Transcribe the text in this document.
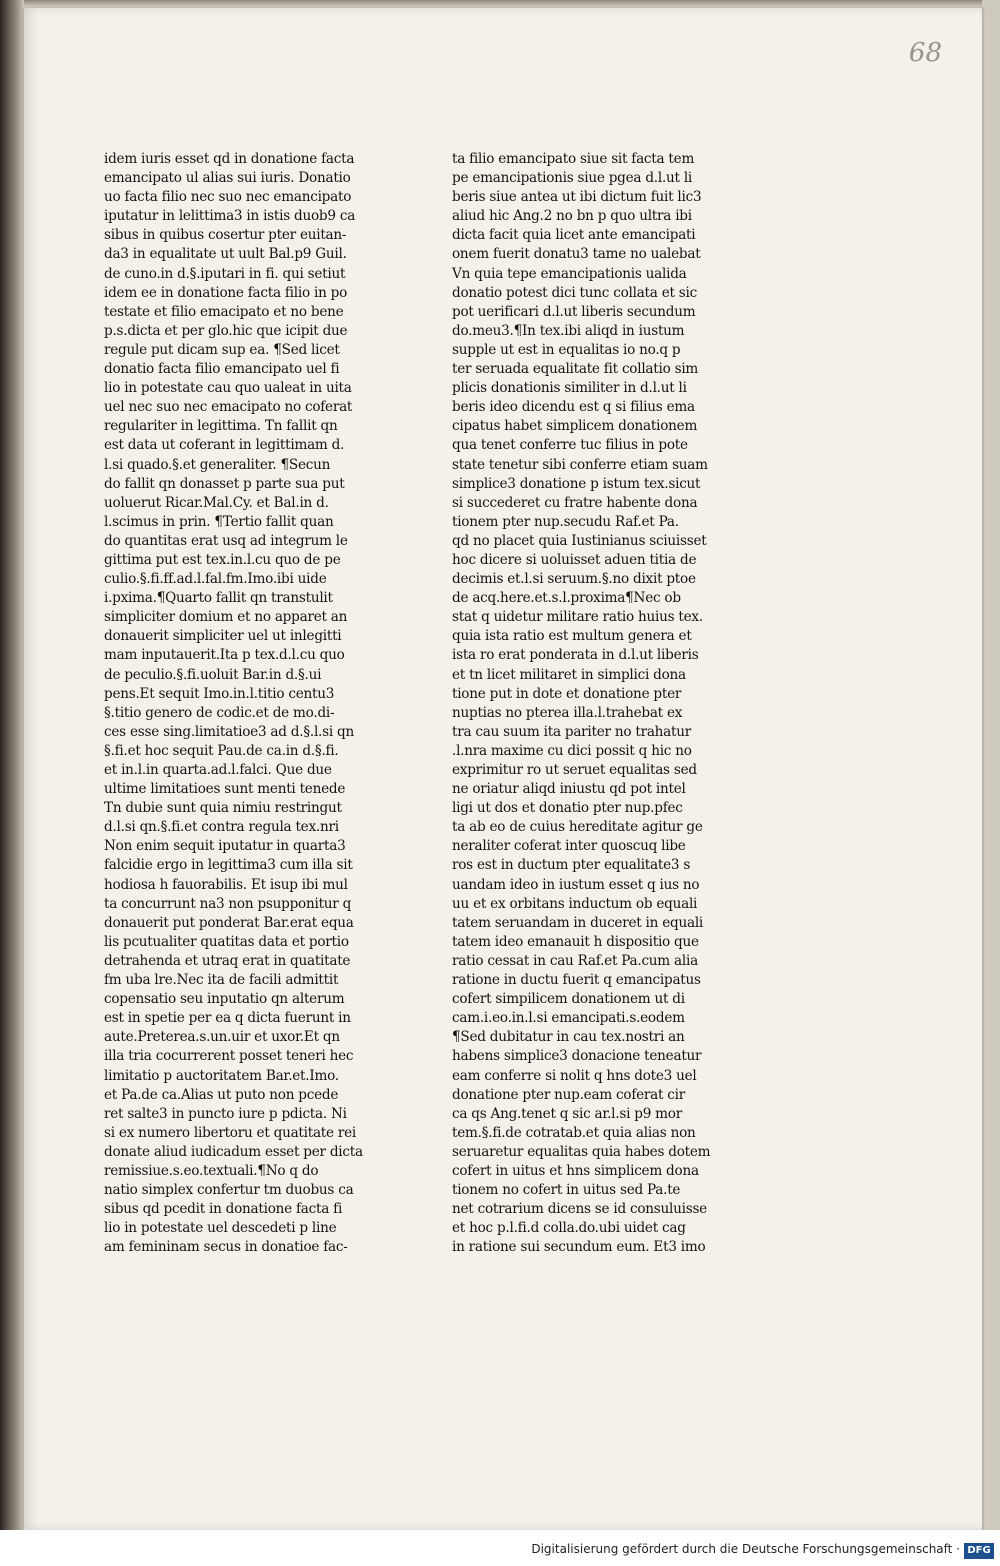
68
idem iuris esset qd in donatione facta
emancipato ul alias sui iuris. Donatio
uo facta filio nec suo nec emancipato
iputatur in lelittima3 in istis duob9 ca
sibus in quibus cosertur pter euitan-
da3 in equalitate ut uult Bal.p9 Guil.
de cuno.in d.§.iputari in fi. qui setiut
idem ee in donatione facta filio in po
testate et filio emacipato et no bene
p.s.dicta et per glo.hic que icipit due
regule put dicam sup ea. ¶Sed licet
donatio facta filio emancipato uel fi
lio in potestate cau quo ualeat in uita
uel nec suo nec emacipato no coferat
regulariter in legittima. Tn fallit qn
est data ut coferant in legittimam d.
l.si quado.§.et generaliter. ¶Secun
do fallit qn donasset p parte sua put
uoluerut Ricar.Mal.Cy. et Bal.in d.
l.scimus in prin. ¶Tertio fallit quan
do quantitas erat usq ad integrum le
gittima put est tex.in.l.cu quo de pe
culio.§.fi.ff.ad.l.fal.fm.Imo.ibi uide
i.pxima.¶Quarto fallit qn transtulit
simpliciter domium et no apparet an
donauerit simpliciter uel ut inlegitti
mam inputauerit.Ita p tex.d.l.cu quo
de peculio.§.fi.uoluit Bar.in d.§.ui
pens.Et sequit Imo.in.l.titio centu3
§.titio genero de codic.et de mo.di-
ces esse sing.limitatioe3 ad d.§.l.si qn
§.fi.et hoc sequit Pau.de ca.in d.§.fi.
et in.l.in quarta.ad.l.falci. Que due
ultime limitatioes sunt menti tenede
Tn dubie sunt quia nimiu restringut
d.l.si qn.§.fi.et contra regula tex.nri
Non enim sequit iputatur in quarta3
falcidie ergo in legittima3 cum illa sit
hodiosa h fauorabilis. Et isup ibi mul
ta concurrunt na3 non psupponitur q
donauerit put ponderat Bar.erat equa
lis pcutualiter quatitas data et portio
detrahenda et utraq erat in quatitate
fm uba lre.Nec ita de facili admittit
copensatio seu inputatio qn alterum
est in spetie per ea q dicta fuerunt in
aute.Preterea.s.un.uir et uxor.Et qn
illa tria cocurrerent posset teneri hec
limitatio p auctoritatem Bar.et.Imo.
et Pa.de ca.Alias ut puto non pcede
ret salte3 in puncto iure p pdicta. Ni
si ex numero libertoru et quatitate rei
donate aliud iudicadum esset per dicta
remissiue.s.eo.textuali.¶No q do
natio simplex confertur tm duobus ca
sibus qd pcedit in donatione facta fi
lio in potestate uel descedeti p line
am femininam secus in donatioe fac-
ta filio emancipato siue sit facta tem
pe emancipationis siue pgea d.l.ut li
beris siue antea ut ibi dictum fuit lic3
aliud hic Ang.2 no bn p quo ultra ibi
dicta facit quia licet ante emancipati
onem fuerit donatu3 tame no ualebat
Vn quia tepe emancipationis ualida
donatio potest dici tunc collata et sic
pot uerificari d.l.ut liberis secundum
do.meu3.¶In tex.ibi aliqd in iustum
supple ut est in equalitas io no.q p
ter seruada equalitate fit collatio sim
plicis donationis similiter in d.l.ut li
beris ideo dicendu est q si filius ema
cipatus habet simplicem donationem
qua tenet conferre tuc filius in pote
state tenetur sibi conferre etiam suam
simplice3 donatione p istum tex.sicut
si succederet cu fratre habente dona
tionem pter nup.secudu Raf.et Pa.
qd no placet quia Iustinianus sciuisset
hoc dicere si uoluisset aduen titia de
decimis et.l.si seruum.§.no dixit ptoe
de acq.here.et.s.l.proxima¶Nec ob
stat q uidetur militare ratio huius tex.
quia ista ratio est multum genera et
ista ro erat ponderata in d.l.ut liberis
et tn licet militaret in simplici dona
tione put in dote et donatione pter
nuptias no pterea illa.l.trahebat ex
tra cau suum ita pariter no trahatur
.l.nra maxime cu dici possit q hic no
exprimitur ro ut seruet equalitas sed
ne oriatur aliqd iniustu qd pot intel
ligi ut dos et donatio pter nup.pfec
ta ab eo de cuius hereditate agitur ge
neraliter coferat inter quoscuq libe
ros est in ductum pter equalitate3 s
uandam ideo in iustum esset q ius no
uu et ex orbitans inductum ob equali
tatem seruandam in duceret in equali
tatem ideo emanauit h dispositio que
ratio cessat in cau Raf.et Pa.cum alia
ratione in ductu fuerit q emancipatus
cofert simpilicem donationem ut di
cam.i.eo.in.l.si emancipati.s.eodem
¶Sed dubitatur in cau tex.nostri an
habens simplice3 donacione teneatur
eam conferre si nolit q hns dote3 uel
donatione pter nup.eam coferat cir
ca qs Ang.tenet q sic ar.l.si p9 mor
tem.§.fi.de cotratab.et quia alias non
seruaretur equalitas quia habes dotem
cofert in uitus et hns simplicem dona
tionem no cofert in uitus sed Pa.te
net cotrarium dicens se id consuluisse
et hoc p.l.fi.d colla.do.ubi uidet cag
in ratione sui secundum eum. Et3 imo
Digitalisierung gefördert durch die Deutsche Forschungsgemeinschaft · DFG
